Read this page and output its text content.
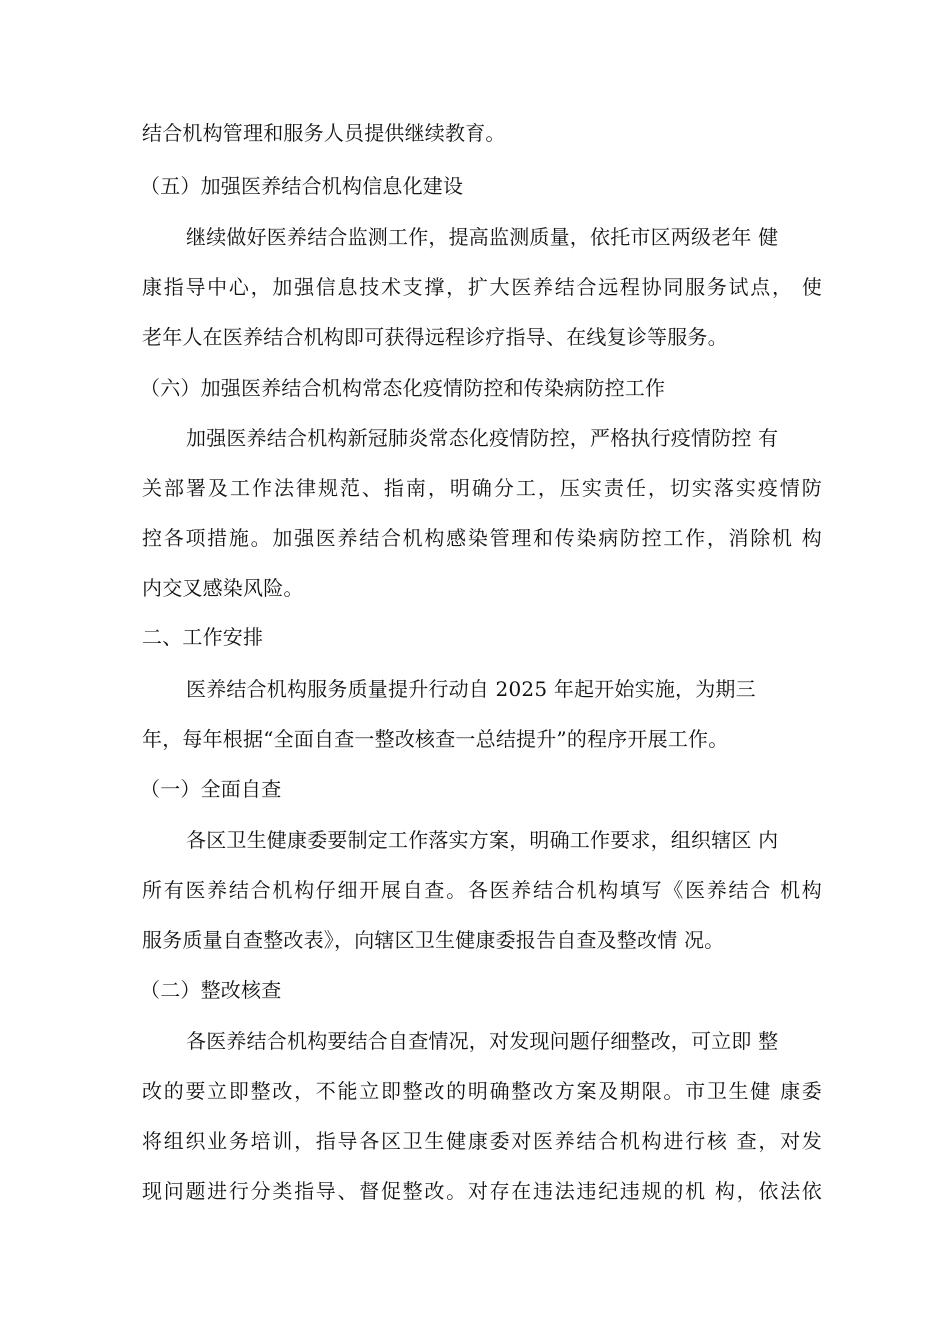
结合机构管理和服务人员提供继续教育。
（五）加强医养结合机构信息化建设
继续做好医养结合监测工作，提高监测质量，依托市区两级老年 健
康指导中心，加强信息技术支撑，扩大医养结合远程协同服务试点， 使
老年人在医养结合机构即可获得远程诊疗指导、在线复诊等服务。
（六）加强医养结合机构常态化疫情防控和传染病防控工作
加强医养结合机构新冠肺炎常态化疫情防控，严格执行疫情防控 有
关部署及工作法律规范、指南，明确分工，压实责任，切实落实疫情防
控各项措施。加强医养结合机构感染管理和传染病防控工作，消除机 构
内交叉感染风险。
二、工作安排
医养结合机构服务质量提升行动自 2025 年起开始实施，为期三
年，每年根据“全面自查一整改核查一总结提升”的程序开展工作。
（一）全面自查
各区卫生健康委要制定工作落实方案，明确工作要求，组织辖区 内
所有医养结合机构仔细开展自查。各医养结合机构填写《医养结合 机构
服务质量自查整改表》，向辖区卫生健康委报告自查及整改情 况。
（二）整改核查
各医养结合机构要结合自查情况，对发现问题仔细整改，可立即 整
改的要立即整改，不能立即整改的明确整改方案及期限。市卫生健 康委
将组织业务培训，指导各区卫生健康委对医养结合机构进行核 查，对发
现问题进行分类指导、督促整改。对存在违法违纪违规的机 构，依法依
